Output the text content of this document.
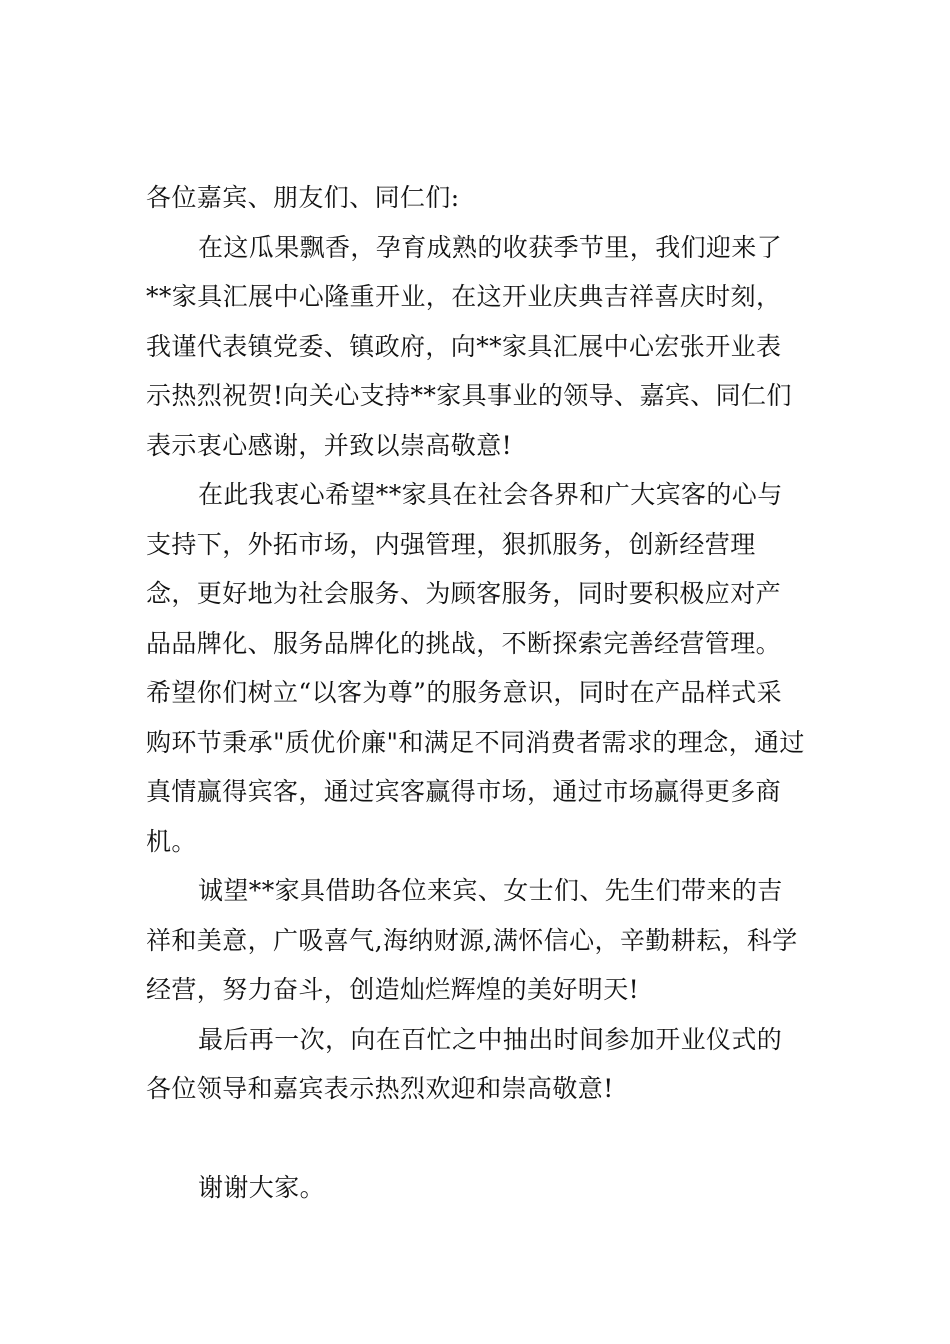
各位嘉宾、朋友们、同仁们:

在这瓜果飘香，孕育成熟的收获季节里，我们迎来了**家具汇展中心隆重开业，在这开业庆典吉祥喜庆时刻，我谨代表镇党委、镇政府，向**家具汇展中心宏张开业表示热烈祝贺!向关心支持**家具事业的领导、嘉宾、同仁们表示衷心感谢，并致以崇高敬意!

在此我衷心希望**家具在社会各界和广大宾客的心与支持下，外拓市场，内强管理，狠抓服务，创新经营理念，更好地为社会服务、为顾客服务，同时要积极应对产品品牌化、服务品牌化的挑战，不断探索完善经营管理。希望你们树立“以客为尊”的服务意识，同时在产品样式采购环节秉承"质优价廉"和满足不同消费者需求的理念，通过真情赢得宾客，通过宾客赢得市场，通过市场赢得更多商机。

诚望**家具借助各位来宾、女士们、先生们带来的吉祥和美意，广吸喜气,海纳财源,满怀信心，辛勤耕耘，科学经营，努力奋斗，创造灿烂辉煌的美好明天!

最后再一次，向在百忙之中抽出时间参加开业仪式的各位领导和嘉宾表示热烈欢迎和崇高敬意!

谢谢大家。
